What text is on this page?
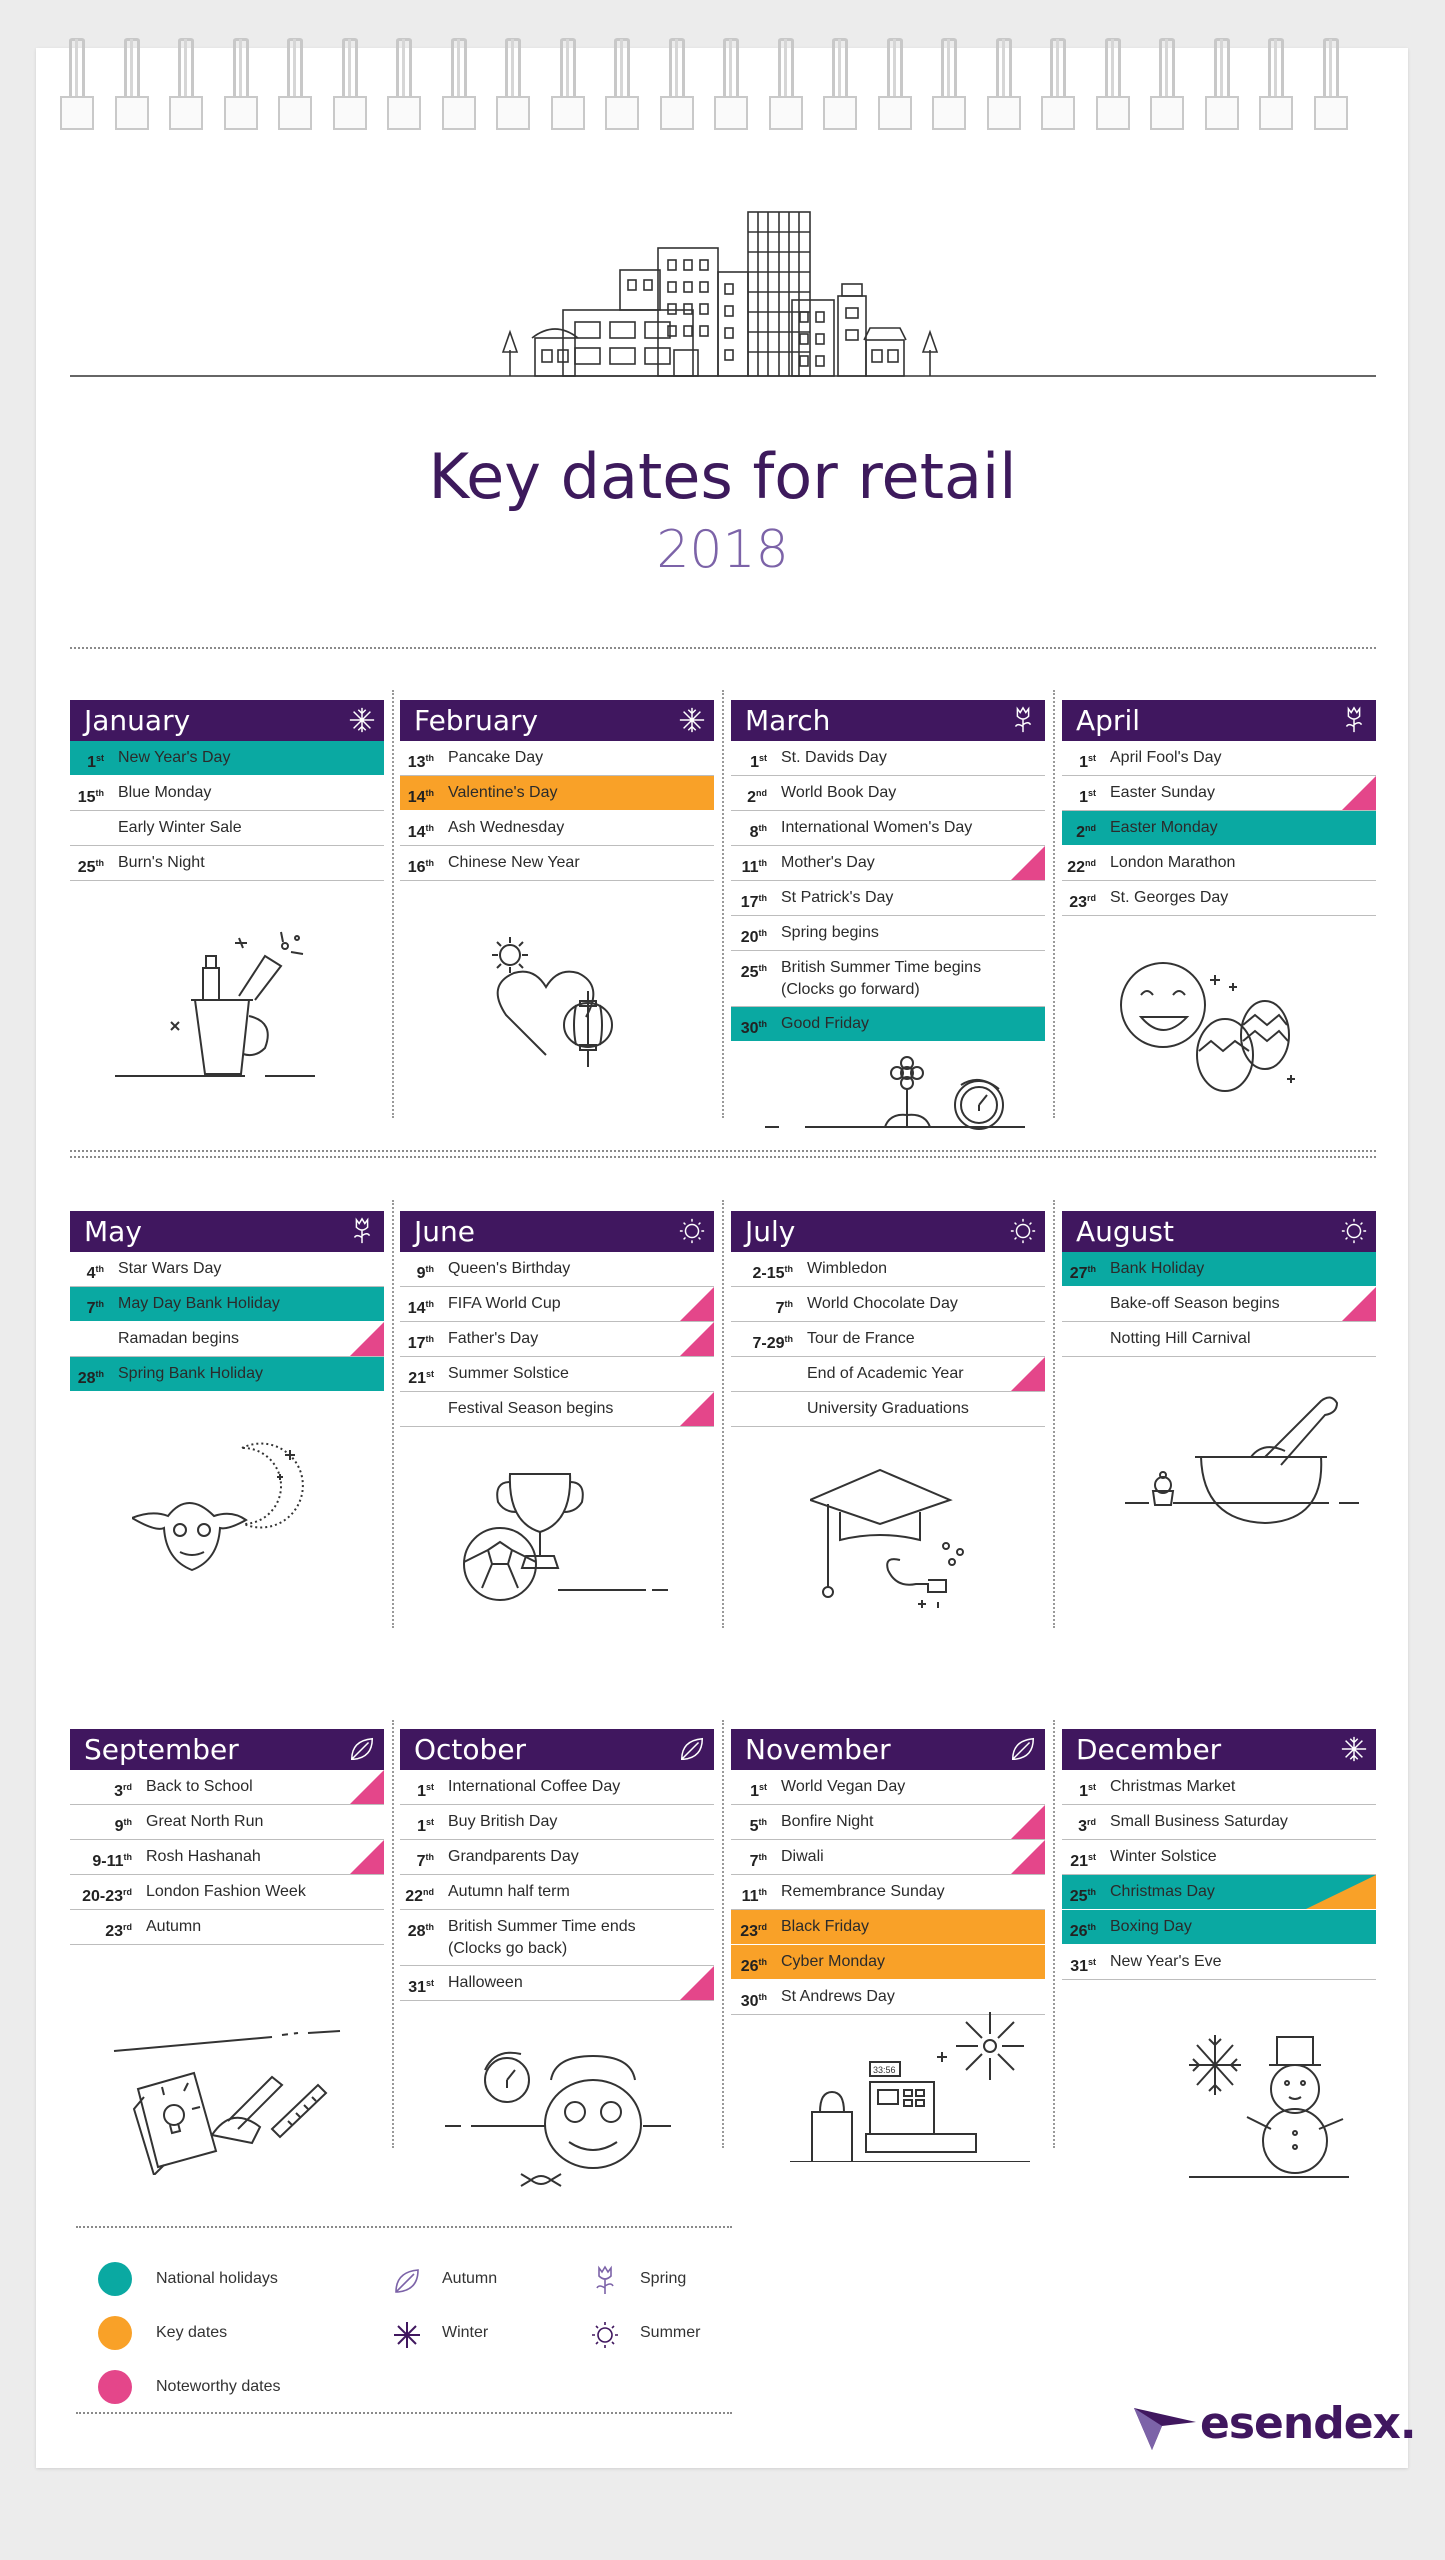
Key dates for retail
2018
January
1st New Year's Day
15th Blue Monday
Early Winter Sale
25th Burn's Night
February
13th Pancake Day
14th Valentine's Day
14th Ash Wednesday
16th Chinese New Year
March
1st St. Davids Day
2nd World Book Day
8th International Women's Day
11th Mother's Day
17th St Patrick's Day
20th Spring begins
25th British Summer Time begins
(Clocks go forward)
30th Good Friday
April
1st April Fool's Day
1st Easter Sunday
2nd Easter Monday
22nd London Marathon
23rd St. Georges Day
May
4th Star Wars Day
7th May Day Bank Holiday
Ramadan begins
28th Spring Bank Holiday
June
9th Queen's Birthday
14th FIFA World Cup
17th Father's Day
21st Summer Solstice
Festival Season begins
July
2-15th Wimbledon
7th World Chocolate Day
7-29th Tour de France
End of Academic Year
University Graduations
August
27th Bank Holiday
Bake-off Season begins
Notting Hill Carnival
September
3rd Back to School
9th Great North Run
9-11th Rosh Hashanah
20-23rd London Fashion Week
23rd Autumn
October
1st International Coffee Day
1st Buy British Day
7th Grandparents Day
22nd Autumn half term
28th British Summer Time ends
(Clocks go back)
31st Halloween
November
1st World Vegan Day
5th Bonfire Night
7th Diwali
11th Remembrance Sunday
23rd Black Friday
26th Cyber Monday
30th St Andrews Day
December
1st Christmas Market
3rd Small Business Saturday
21st Winter Solstice
25th Christmas Day
26th Boxing Day
31st New Year's Eve
33:56
National holidays
Key dates
Noteworthy dates
Autumn
Winter
Spring
Summer
esendex.
